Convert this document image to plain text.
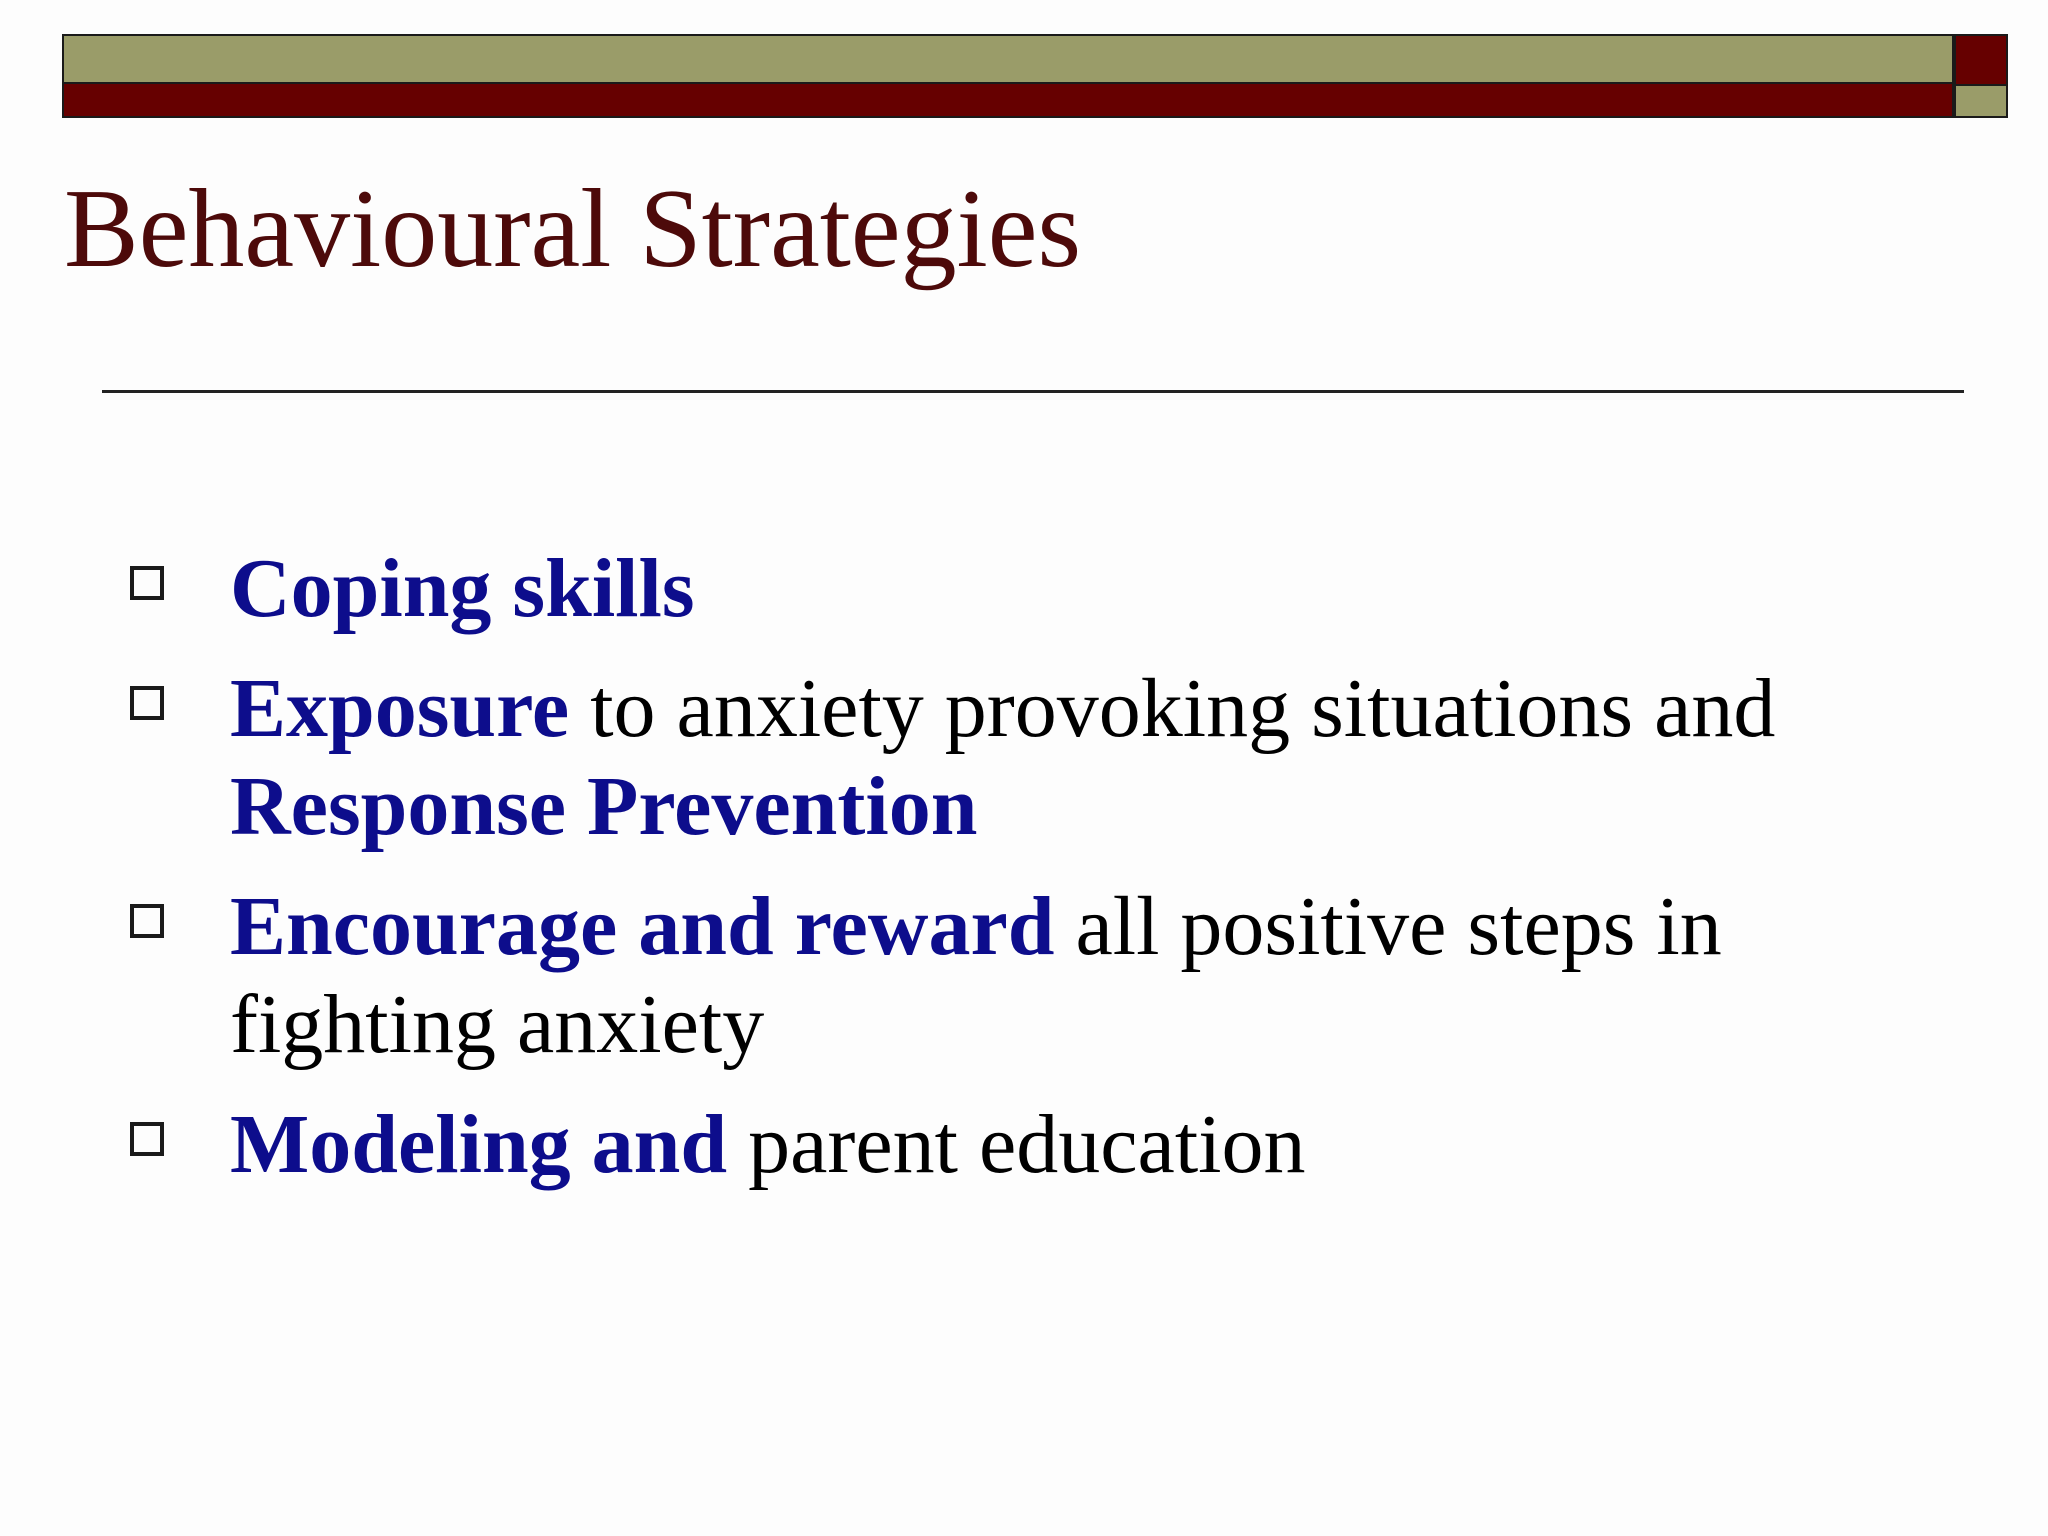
Behavioural Strategies
Coping skills
Exposure to anxiety provoking situations and Response Prevention
Encourage and reward all positive steps in fighting anxiety
Modeling and parent education
